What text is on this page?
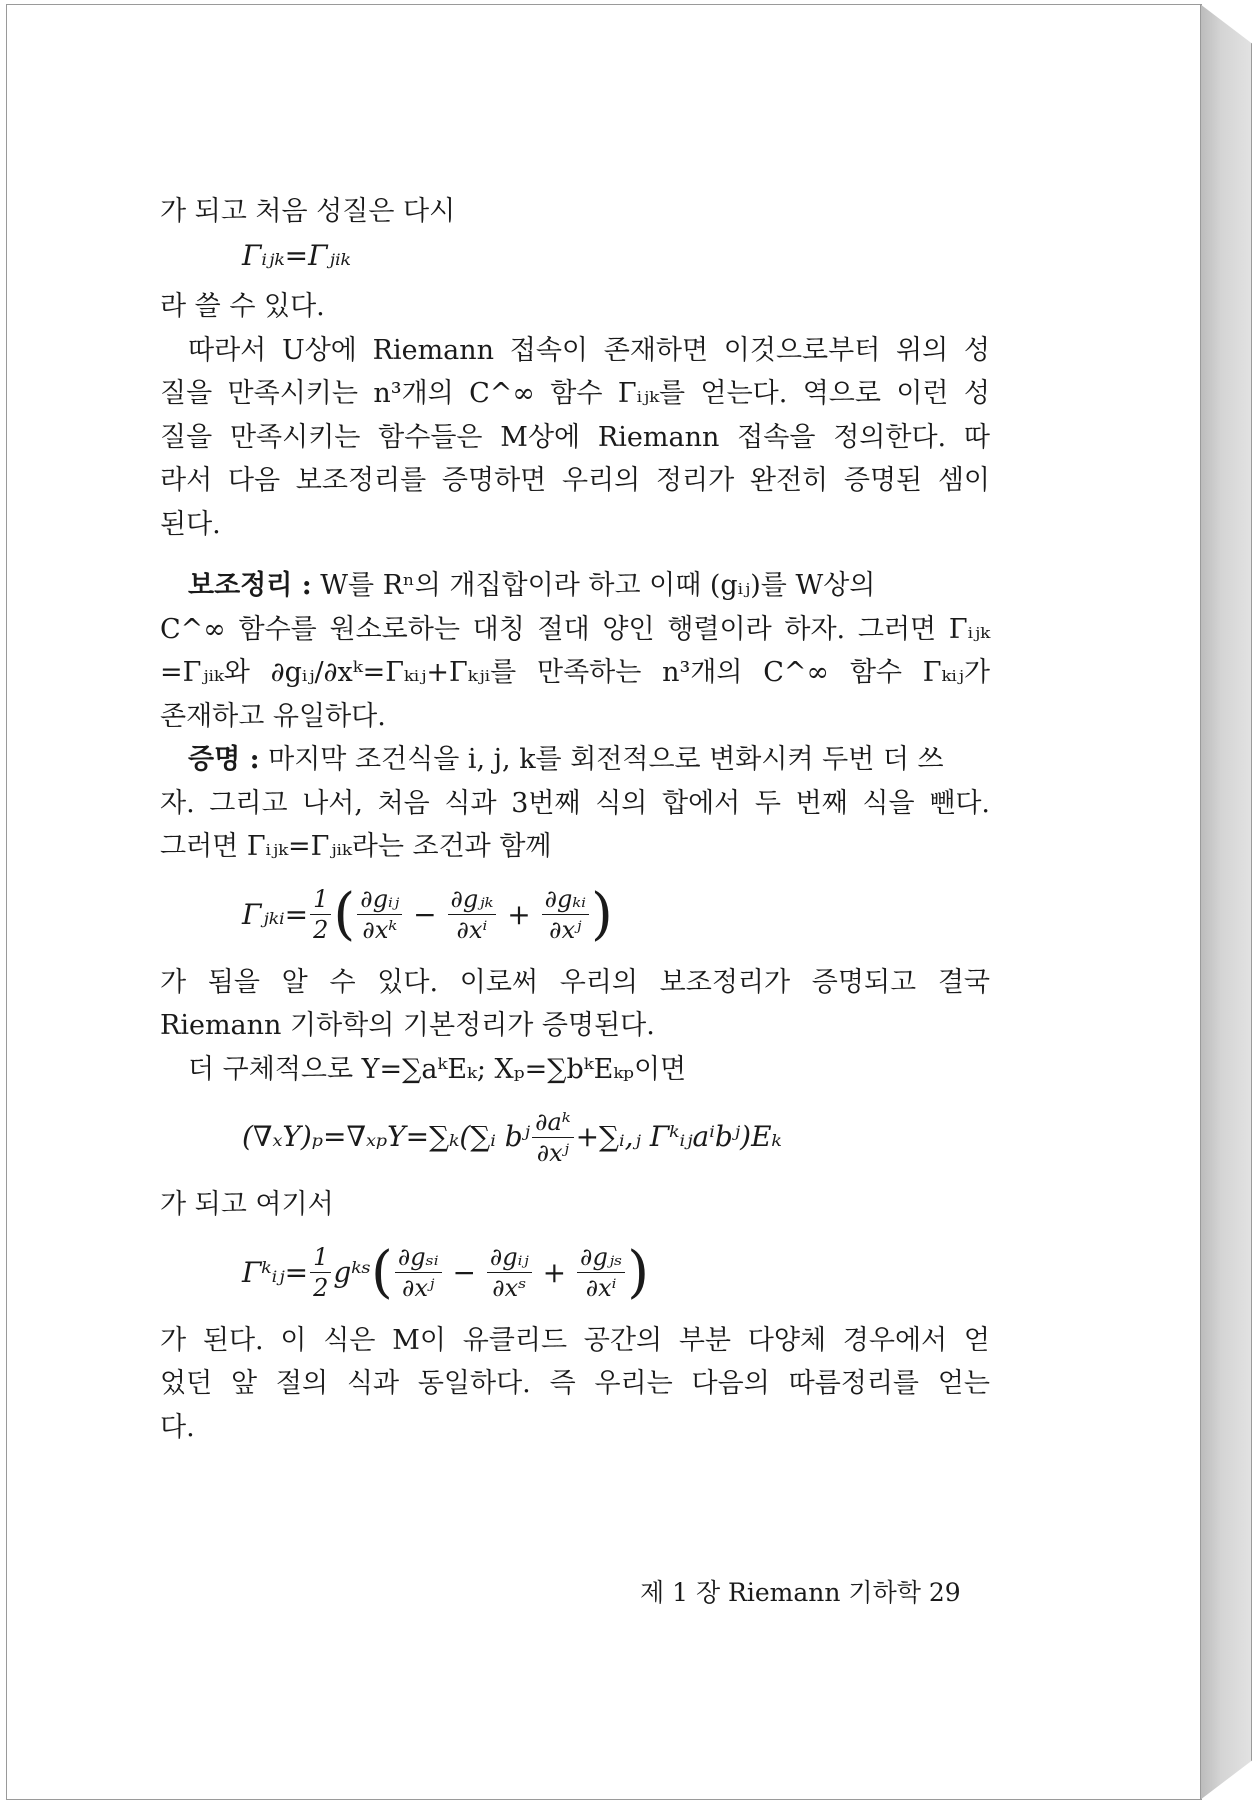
가 되고 처음 성질은 다시
Γᵢⱼₖ=Γⱼᵢₖ
라 쓸 수 있다.
따라서 U상에 Riemann 접속이 존재하면 이것으로부터 위의 성
질을 만족시키는 n³개의 C^∞ 함수 Γᵢⱼₖ를 얻는다. 역으로 이런 성
질을 만족시키는 함수들은 M상에 Riemann 접속을 정의한다. 따
라서 다음 보조정리를 증명하면 우리의 정리가 완전히 증명된 셈이
된다.
보조정리 : W를 Rⁿ의 개집합이라 하고 이때 (gᵢⱼ)를 W상의
C^∞ 함수를 원소로하는 대칭 절대 양인 행렬이라 하자. 그러면 Γᵢⱼₖ
=Γⱼᵢₖ와 ∂gᵢⱼ/∂xᵏ=Γₖᵢⱼ+Γₖⱼᵢ를 만족하는 n³개의 C^∞ 함수 Γₖᵢⱼ가
존재하고 유일하다.
증명 : 마지막 조건식을 i, j, k를 회전적으로 변화시켜 두번 더 쓰
자. 그리고 나서, 처음 식과 3번째 식의 합에서 두 번째 식을 뺀다.
그러면 Γᵢⱼₖ=Γⱼᵢₖ라는 조건과 함께
Γⱼₖᵢ= $\frac{1}{2}$ ( $\frac{\text{∂gᵢⱼ}}{\text{∂xᵏ}} - \frac{\text{∂gⱼₖ}}{\text{∂xⁱ}} + \frac{\text{∂gₖᵢ}}{\text{∂xʲ}}$ )
가 됨을 알 수 있다. 이로써 우리의 보조정리가 증명되고 결국
Riemann 기하학의 기본정리가 증명된다.
더 구체적으로 Y=∑aᵏEₖ; Xₚ=∑bᵏEₖₚ이면
(∇ₓY)ₚ=∇ₓₚY=∑ₖ(∑ᵢ bʲ $\frac{\text{∂aᵏ}}{\text{∂xʲ}}$ +∑ᵢ,ⱼ Γᵏᵢⱼaⁱbʲ)Eₖ
가 되고 여기서
Γᵏᵢⱼ= $\frac{1}{2}$ gᵏˢ ( $\frac{\text{∂gₛᵢ}}{\text{∂xʲ}} - \frac{\text{∂gᵢⱼ}}{\text{∂xˢ}} + \frac{\text{∂gⱼₛ}}{\text{∂xⁱ}}$ )
가 된다. 이 식은 M이 유클리드 공간의 부분 다양체 경우에서 얻
었던 앞 절의 식과 동일하다. 즉 우리는 다음의 따름정리를 얻는
다.
제 1 장 Riemann 기하학 29
